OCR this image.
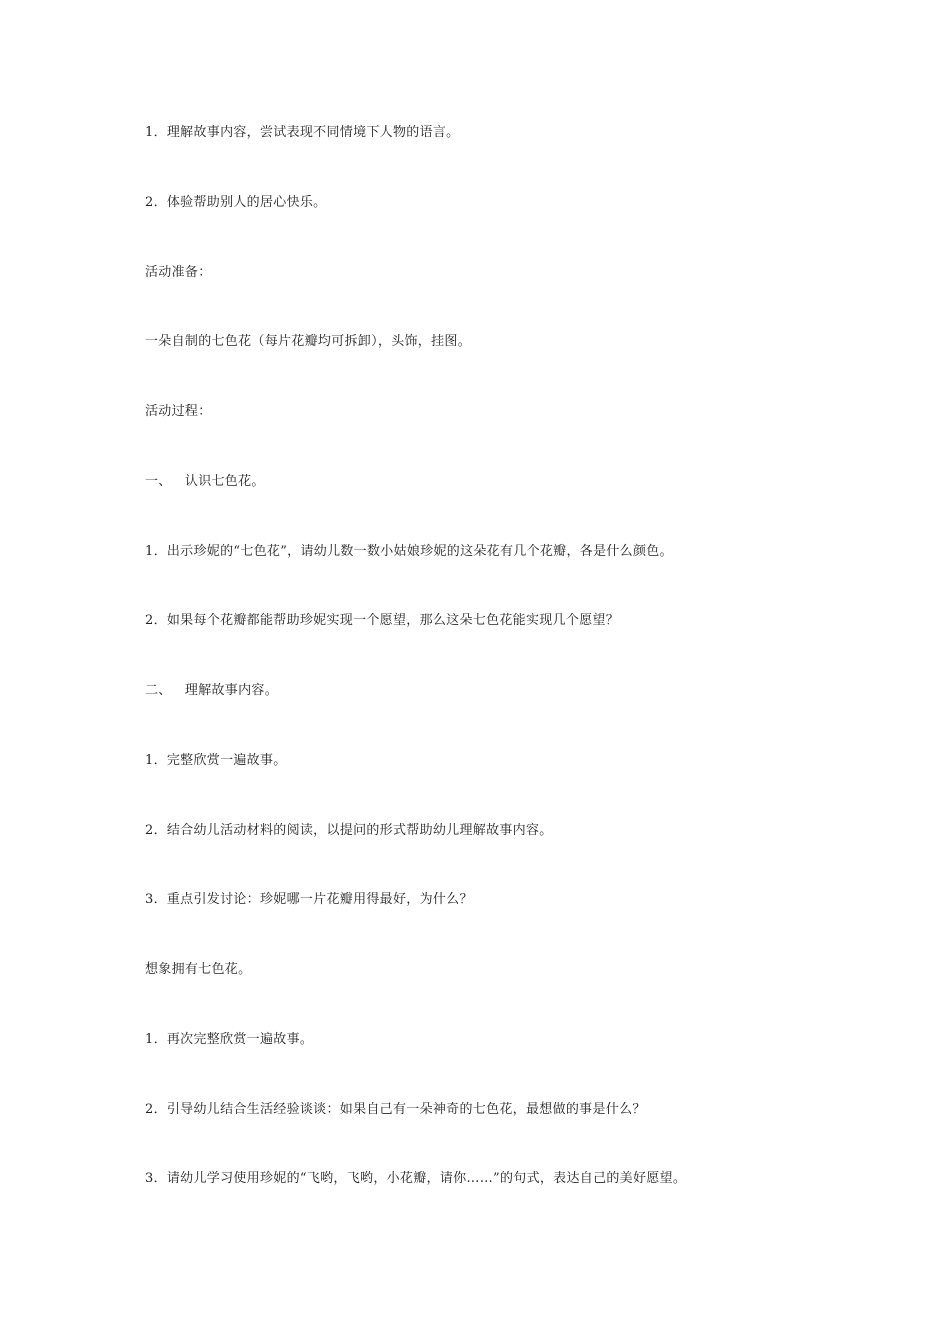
1．理解故事内容，尝试表现不同情境下人物的语言。
2．体验帮助别人的居心快乐。
活动准备：
一朵自制的七色花（每片花瓣均可拆卸），头饰，挂图。
活动过程：
一、   认识七色花。
1．出示珍妮的“七色花”，请幼儿数一数小姑娘珍妮的这朵花有几个花瓣，各是什么颜色。
2．如果每个花瓣都能帮助珍妮实现一个愿望，那么这朵七色花能实现几个愿望？
二、   理解故事内容。
1．完整欣赏一遍故事。
2．结合幼儿活动材料的阅读，以提问的形式帮助幼儿理解故事内容。
3．重点引发讨论：珍妮哪一片花瓣用得最好，为什么？
想象拥有七色花。
1．再次完整欣赏一遍故事。
2．引导幼儿结合生活经验谈谈：如果自己有一朵神奇的七色花，最想做的事是什么？
3．请幼儿学习使用珍妮的“飞哟，飞哟，小花瓣，请你……”的句式，表达自己的美好愿望。
